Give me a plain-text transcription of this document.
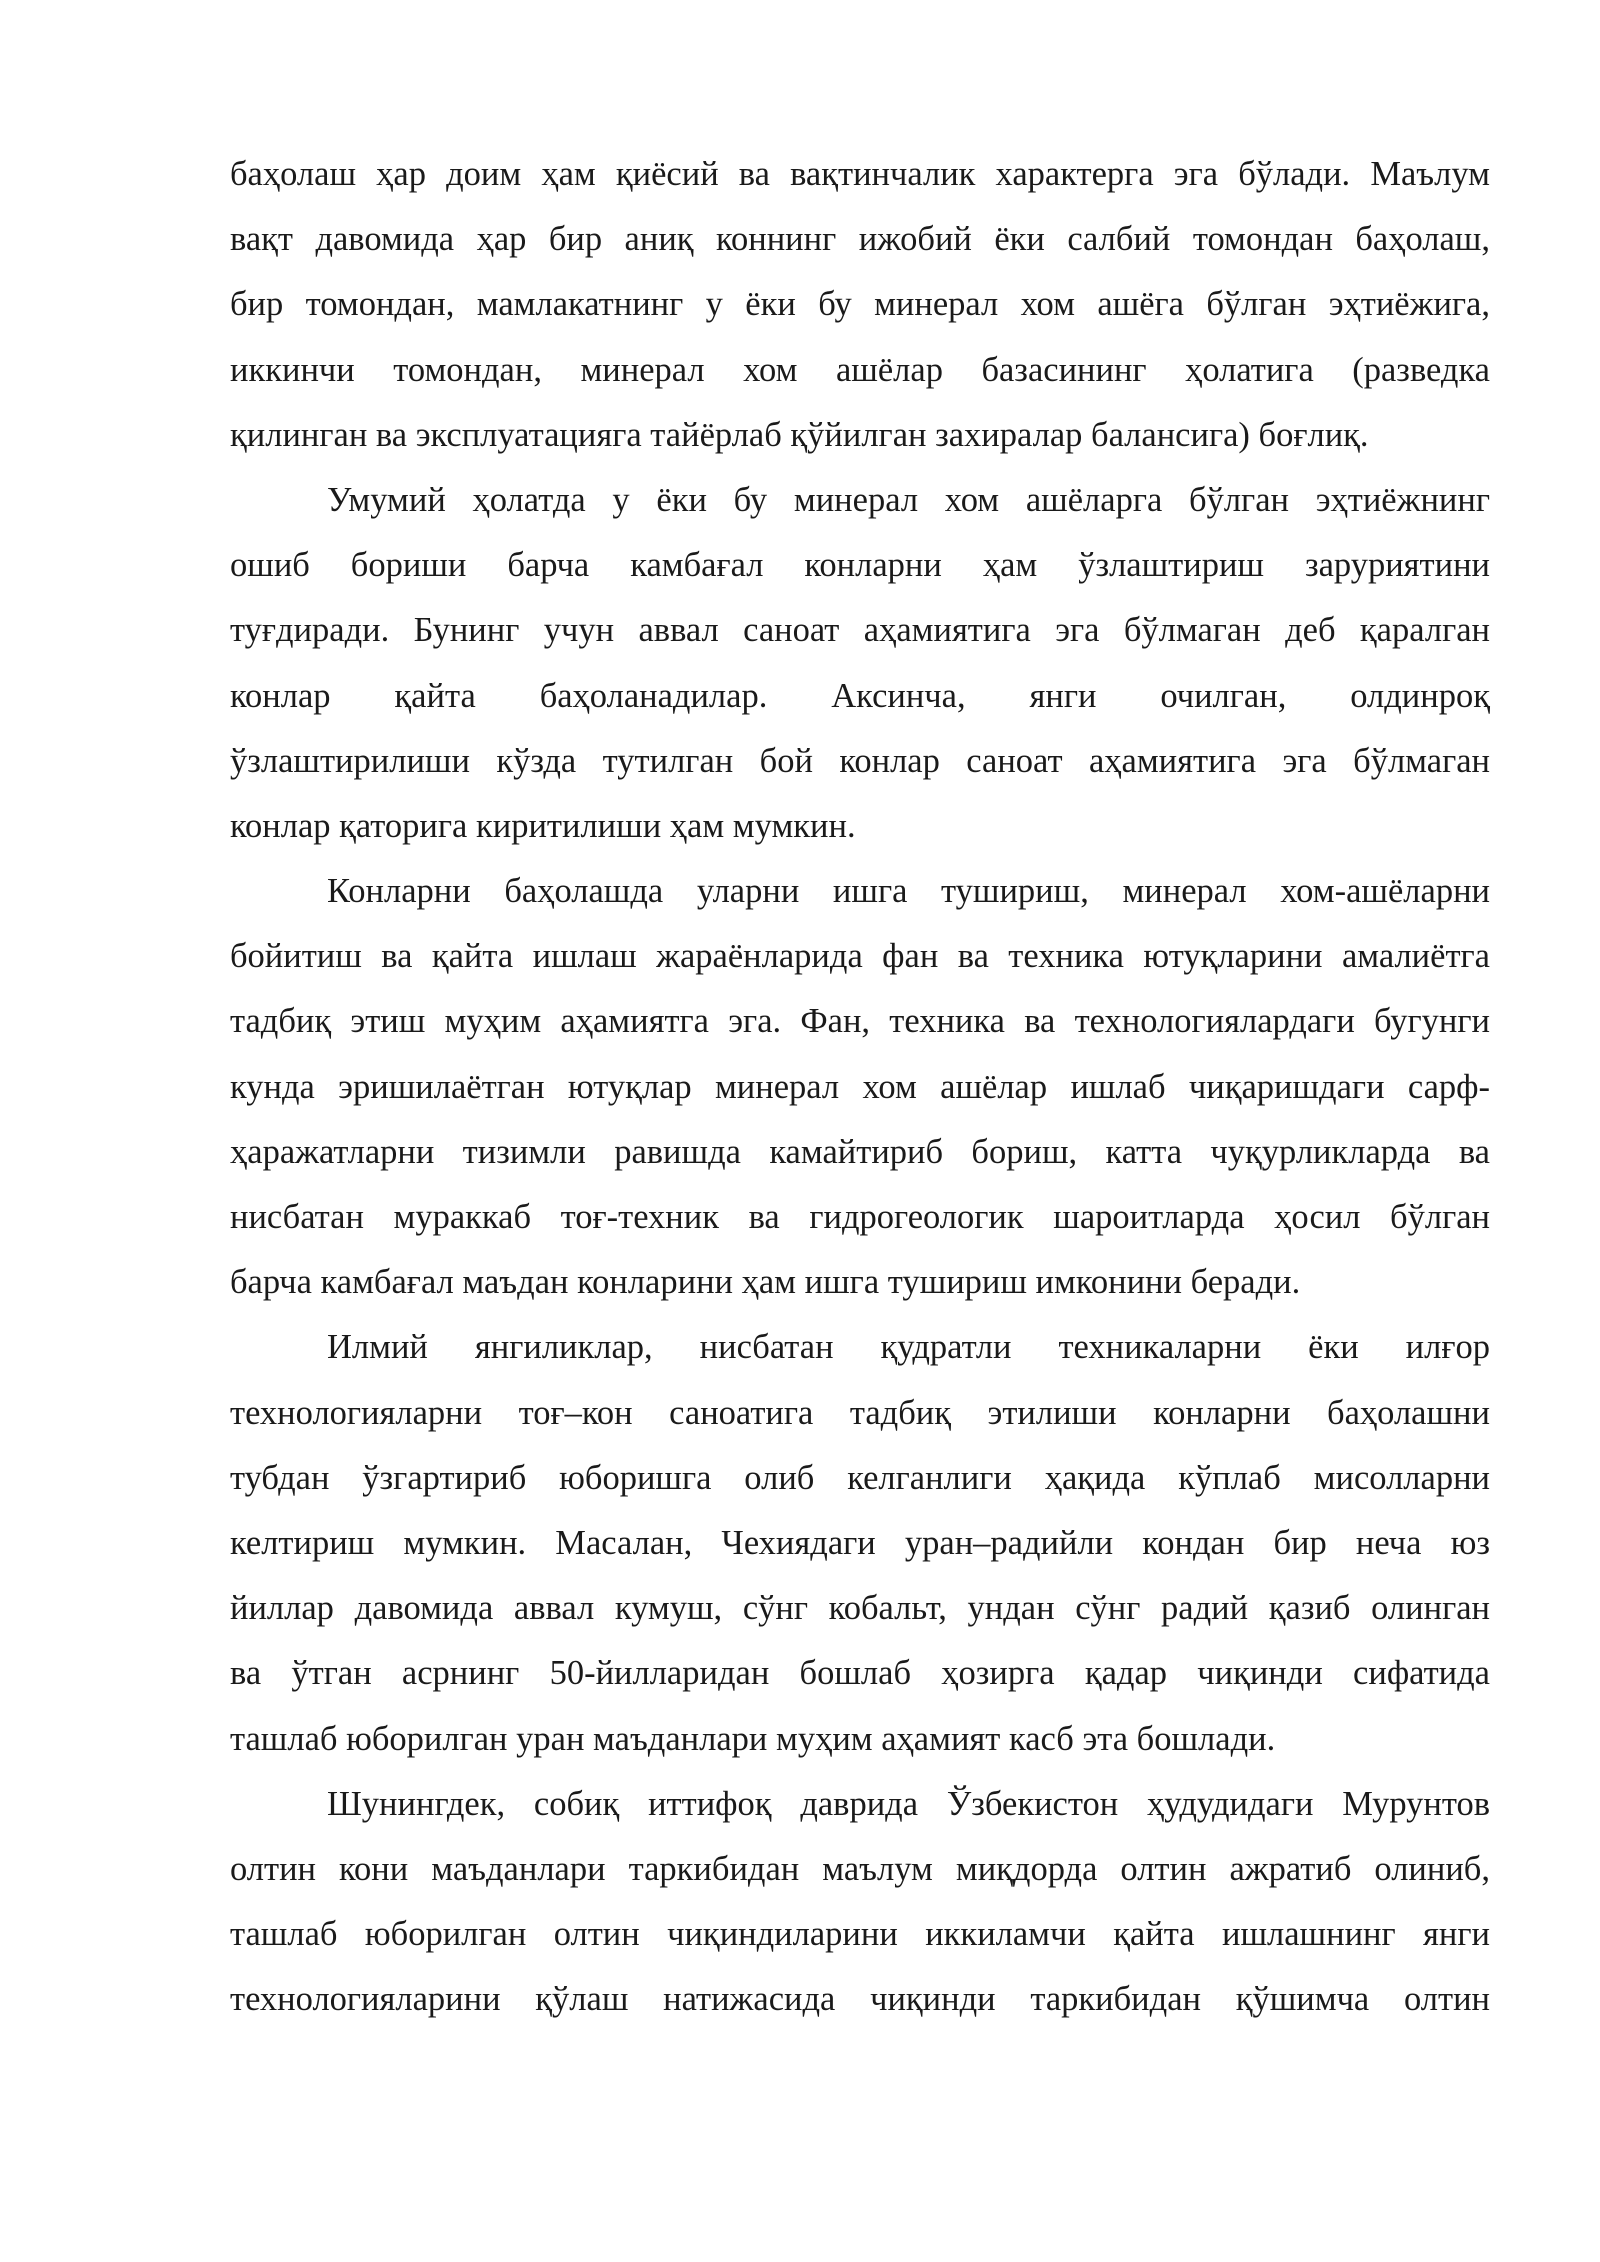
баҳолаш ҳар доим ҳам қиёсий ва вақтинчалик характерга эга бўлади. Маълум
вақт давомида ҳар бир аниқ коннинг ижобий ёки салбий томондан баҳолаш,
бир томондан, мамлакатнинг у ёки бу минерал хом ашёга бўлган эҳтиёжига,
иккинчи томондан, минерал хом ашёлар базасининг ҳолатига (разведка
қилинган ва эксплуатацияга тайёрлаб қўйилган захиралар балансига) боғлиқ.
Умумий ҳолатда у ёки бу минерал хом ашёларга бўлган эҳтиёжнинг
ошиб бориши барча камбағал конларни ҳам ўзлаштириш заруриятини
туғдиради. Бунинг учун аввал саноат аҳамиятига эга бўлмаган деб қаралган
конлар қайта баҳоланадилар. Аксинча, янги очилган, олдинроқ
ўзлаштирилиши кўзда тутилган бой конлар саноат аҳамиятига эга бўлмаган
конлар қаторига киритилиши ҳам мумкин.
Конларни баҳолашда уларни ишга тушириш, минерал хом-ашёларни
бойитиш ва қайта ишлаш жараёнларида фан ва техника ютуқларини амалиётга
тадбиқ этиш муҳим аҳамиятга эга. Фан, техника ва технологиялардаги бугунги
кунда эришилаётган ютуқлар минерал хом ашёлар ишлаб чиқаришдаги сарф-
ҳаражатларни тизимли равишда камайтириб бориш, катта чуқурликларда ва
нисбатан мураккаб тоғ-техник ва гидрогеологик шароитларда ҳосил бўлган
барча камбағал маъдан конларини ҳам ишга тушириш имконини беради.
Илмий янгиликлар, нисбатан қудратли техникаларни ёки илғор
технологияларни тоғ–кон саноатига тадбиқ этилиши конларни баҳолашни
тубдан ўзгартириб юборишга олиб келганлиги ҳақида кўплаб мисолларни
келтириш мумкин. Масалан, Чехиядаги уран–радийли кондан бир неча юз
йиллар давомида аввал кумуш, сўнг кобальт, ундан сўнг радий қазиб олинган
ва ўтган асрнинг 50-йилларидан бошлаб ҳозирга қадар чиқинди сифатида
ташлаб юборилган уран маъданлари муҳим аҳамият касб эта бошлади.
Шунингдек, собиқ иттифоқ даврида Ўзбекистон ҳудудидаги Мурунтов
олтин кони маъданлари таркибидан маълум миқдорда олтин ажратиб олиниб,
ташлаб юборилган олтин чиқиндиларини иккиламчи қайта ишлашнинг янги
технологияларини қўлаш натижасида чиқинди таркибидан қўшимча олтин
